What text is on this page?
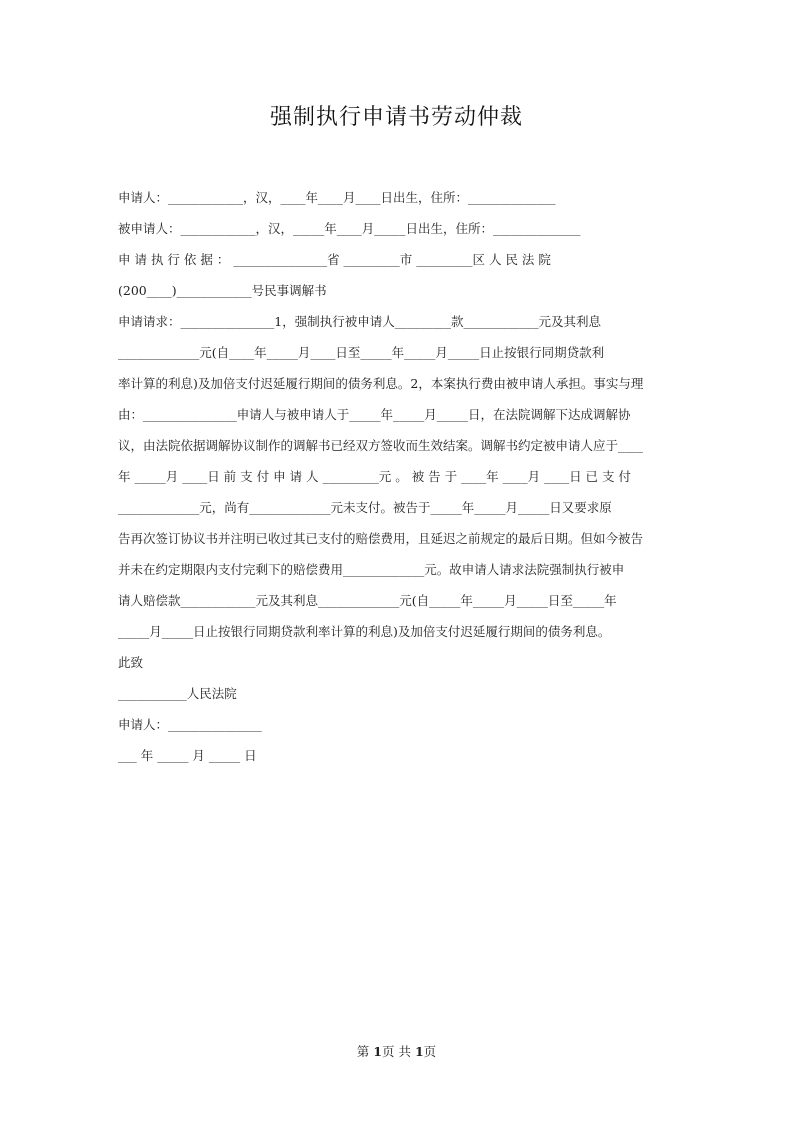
强制执行申请书劳动仲裁
申请人：____________，汉，____年____月____日出生，住所：______________
被申请人：____________，汉，_____年____月_____日出生，住所：______________
申 请 执 行 依 据 ： _______________省 _________市 _________区 人 民 法 院
(200____)____________号民事调解书
申请请求：_______________1，强制执行被申请人_________款____________元及其利息
_____________元(自____年_____月____日至_____年_____月_____日止按银行同期贷款利
率计算的利息)及加倍支付迟延履行期间的债务利息。2，本案执行费由被申请人承担。事实与理
由：_______________申请人与被申请人于_____年_____月_____日，在法院调解下达成调解协
议，由法院依据调解协议制作的调解书已经双方签收而生效结案。调解书约定被申请人应于____
年 _____月 ____日 前 支 付 申 请 人 _________元 。 被 告 于 ____年 ____月 ____日 已 支 付
_____________元，尚有_____________元未支付。被告于_____年_____月_____日又要求原
告再次签订协议书并注明已收过其已支付的赔偿费用，且延迟之前规定的最后日期。但如今被告
并未在约定期限内支付完剩下的赔偿费用_____________元。故申请人请求法院强制执行被申
请人赔偿款____________元及其利息_____________元(自_____年_____月_____日至_____年
_____月_____日止按银行同期贷款利率计算的利息)及加倍支付迟延履行期间的债务利息。
此致
___________人民法院
申请人：_______________
___ 年 _____ 月 _____ 日
第 1页 共 1页
